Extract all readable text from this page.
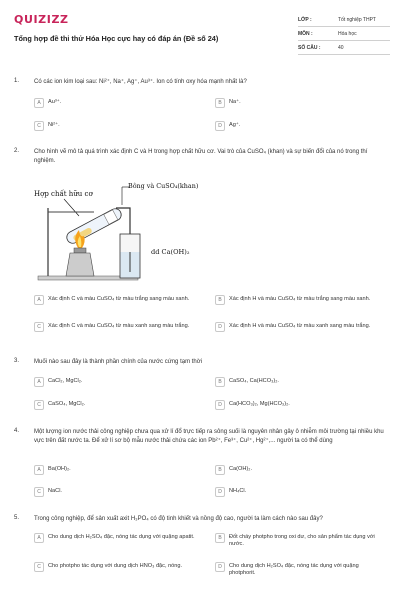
QUIZIZZ
Tổng hợp đề thi thử Hóa Học cực hay có đáp án (Đề số 24)
LỚP :	Tốt nghiệp THPT
MÔN :	Hóa học
SỐ CÂU :	40
1. Có các ion kim loại sau: Ni²⁺, Na⁺, Ag⁺, Au³⁺. Ion có tính oxy hóa mạnh nhất là?
A	Au³⁺.	B	Na⁺.
C	Ni²⁺.	D	Ag⁺.
2. Cho hình vẽ mô tả quá trình xác định C và H trong hợp chất hữu cơ. Vai trò của CuSO₄ (khan) và sự biến đổi của nó trong thí nghiệm.
Hợp chất hữu cơ
Bông và CuSO₄(khan)
dd Ca(OH)₂
A	Xác định C và màu CuSO₄ từ màu trắng sang màu xanh.	B	Xác định H và màu CuSO₄ từ màu trắng sang màu xanh.
C	Xác định C và màu CuSO₄ từ màu xanh sang màu trắng.	D	Xác định H và màu CuSO₄ từ màu xanh sang màu trắng.
3. Muối nào sau đây là thành phần chính của nước cứng tạm thời
A	CaCl₂, MgCl₂.	B	CaSO₄, Ca(HCO₃)₂.
C	CaSO₄, MgCl₂.	D	Ca(HCO₃)₂, Mg(HCO₃)₂.
4. Một lượng ion nước thải công nghiệp chưa qua xử lí đổ trực tiếp ra sông suối là nguyên nhân gây ô nhiễm môi trường tại nhiều khu vực trên đất nước ta. Để xử lí sơ bộ mẫu nước thải chứa các ion Pb²⁺, Fe³⁺, Cu²⁺, Hg²⁺,... người ta có thể dùng
A	Ba(OH)₂.	B	Ca(OH)₂.
C	NaCl.	D	NH₄Cl.
5. Trong công nghiệp, để sản xuất axit H₃PO₄ có độ tinh khiết và nồng độ cao, người ta làm cách nào sau đây?
A	Cho dung dịch H₂SO₄ đặc, nóng tác dụng với quặng apatit.	B	Đốt cháy photpho trong oxi dư, cho sản phẩm tác dụng với nước.
C	Cho photpho tác dụng với dung dịch HNO₃ đặc, nóng.	D	Cho dung dịch H₂SO₄ đặc, nóng tác dụng với quặng photphorit.
